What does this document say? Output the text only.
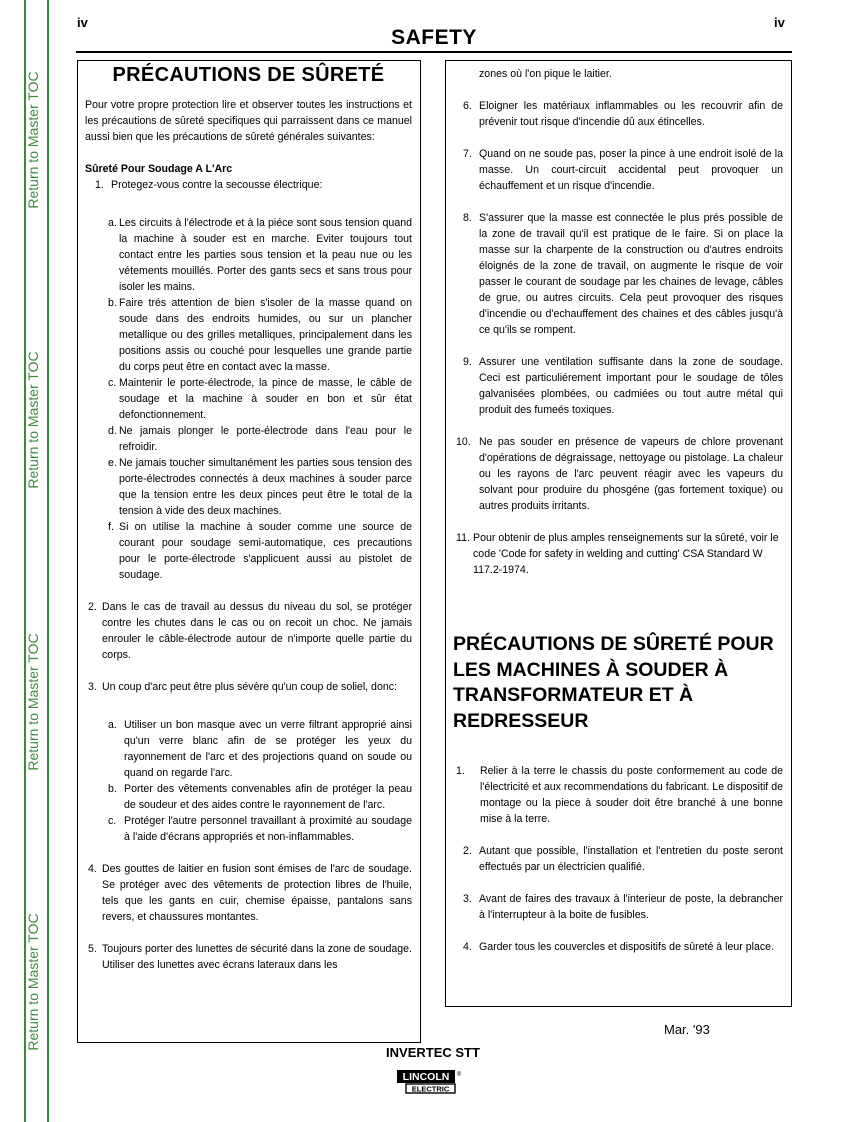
Return to Master TOC
Return to Master TOC
Return to Master TOC
Return to Master TOC
iv	iv
SAFETY

PRÉCAUTIONS DE SÛRETÉ

Pour votre propre protection lire et observer toutes les instructions et les précautions de sûreté specifiques qui parraissent dans ce manuel aussi bien que les précautions de sûreté générales suivantes:

Sûreté Pour Soudage A L'Arc

1. Protegez-vous contre la secousse électrique:
a. Les circuits à l'électrode et à la piéce sont sous tension quand la machine à souder est en marche. Eviter toujours tout contact entre les parties sous tension et la peau nue ou les vétements mouillés. Porter des gants secs et sans trous pour isoler les mains.
b. Faire trés attention de bien s'isoler de la masse quand on soude dans des endroits humides, ou sur un plancher metallique ou des grilles metalliques, principalement dans les positions assis ou couché pour lesquelles une grande partie du corps peut être en contact avec la masse.
c. Maintenir le porte-électrode, la pince de masse, le câble de soudage et la machine à souder en bon et sûr état defonctionnement.
d. Ne jamais plonger le porte-électrode dans l'eau pour le refroidir.
e. Ne jamais toucher simultanément les parties sous tension des porte-électrodes connectés à deux machines à souder parce que la tension entre les deux pinces peut être le total de la tension à vide des deux machines.
f. Si on utilise la machine à souder comme une source de courant pour soudage semi-automatique, ces precautions pour le porte-électrode s'applicuent aussi au pistolet de soudage.
2. Dans le cas de travail au dessus du niveau du sol, se protéger contre les chutes dans le cas ou on recoit un choc. Ne jamais enrouler le câble-électrode autour de n'importe quelle partie du corps.
3. Un coup d'arc peut être plus sévère qu'un coup de soliel, donc:
a. Utiliser un bon masque avec un verre filtrant approprié ainsi qu'un verre blanc afin de se protéger les yeux du rayonnement de l'arc et des projections quand on soude ou quand on regarde l'arc.
b. Porter des vêtements convenables afin de protéger la peau de soudeur et des aides contre le rayonnement de l'arc.
c. Protéger l'autre personnel travaillant à proximité au soudage à l'aide d'écrans appropriés et non-inflammables.
4. Des gouttes de laitier en fusion sont émises de l'arc de soudage. Se protéger avec des vêtements de protection libres de l'huile, tels que les gants en cuir, chemise épaisse, pantalons sans revers, et chaussures montantes.
5. Toujours porter des lunettes de sécurité dans la zone de soudage. Utiliser des lunettes avec écrans lateraux dans les

zones où l'on pique le laitier.

6. Eloigner les matériaux inflammables ou les recouvrir afin de prévenir tout risque d'incendie dû aux étincelles.
7. Quand on ne soude pas, poser la pince à une endroit isolé de la masse. Un court-circuit accidental peut provoquer un échauffement et un risque d'incendie.
8. S'assurer que la masse est connectée le plus prés possible de la zone de travail qu'il est pratique de le faire. Si on place la masse sur la charpente de la construction ou d'autres endroits éloignés de la zone de travail, on augmente le risque de voir passer le courant de soudage par les chaines de levage, câbles de grue, ou autres circuits. Cela peut provoquer des risques d'incendie ou d'echauffement des chaines et des câbles jusqu'à ce qu'ils se rompent.
9. Assurer une ventilation suffisante dans la zone de soudage. Ceci est particuliérement important pour le soudage de tôles galvanisées plombées, ou cadmiées ou tout autre métal qui produit des fumeés toxiques.
10. Ne pas souder en présence de vapeurs de chlore provenant d'opérations de dégraissage, nettoyage ou pistolage. La chaleur ou les rayons de l'arc peuvent réagir avec les vapeurs du solvant pour produire du phosgéne (gas fortement toxique) ou autres produits irritants.
11. Pour obtenir de plus amples renseignements sur la sûreté, voir le code 'Code for safety in welding and cutting' CSA Standard W 117.2-1974.

PRÉCAUTIONS DE SÛRETÉ POUR

LES MACHINES À SOUDER À

TRANSFORMATEUR ET À

REDRESSEUR

1.	Relier à la terre le chassis du poste conformement au code de l'électricité et aux recommendations du fabricant. Le dispositif de montage ou la piece à souder doit être branché à une bonne mise à la terre.
2. Autant que possible, l'installation et l'entretien du poste seront effectués par un électricien qualifié.
3. Avant de faires des travaux à l'interieur de poste, la debrancher à l'interrupteur à la boite de fusibles.
4. Garder tous les couvercles et dispositifs de sûreté à leur place.
Mar. '93
INVERTEC STT
LINCOLN ®
ELECTRIC
